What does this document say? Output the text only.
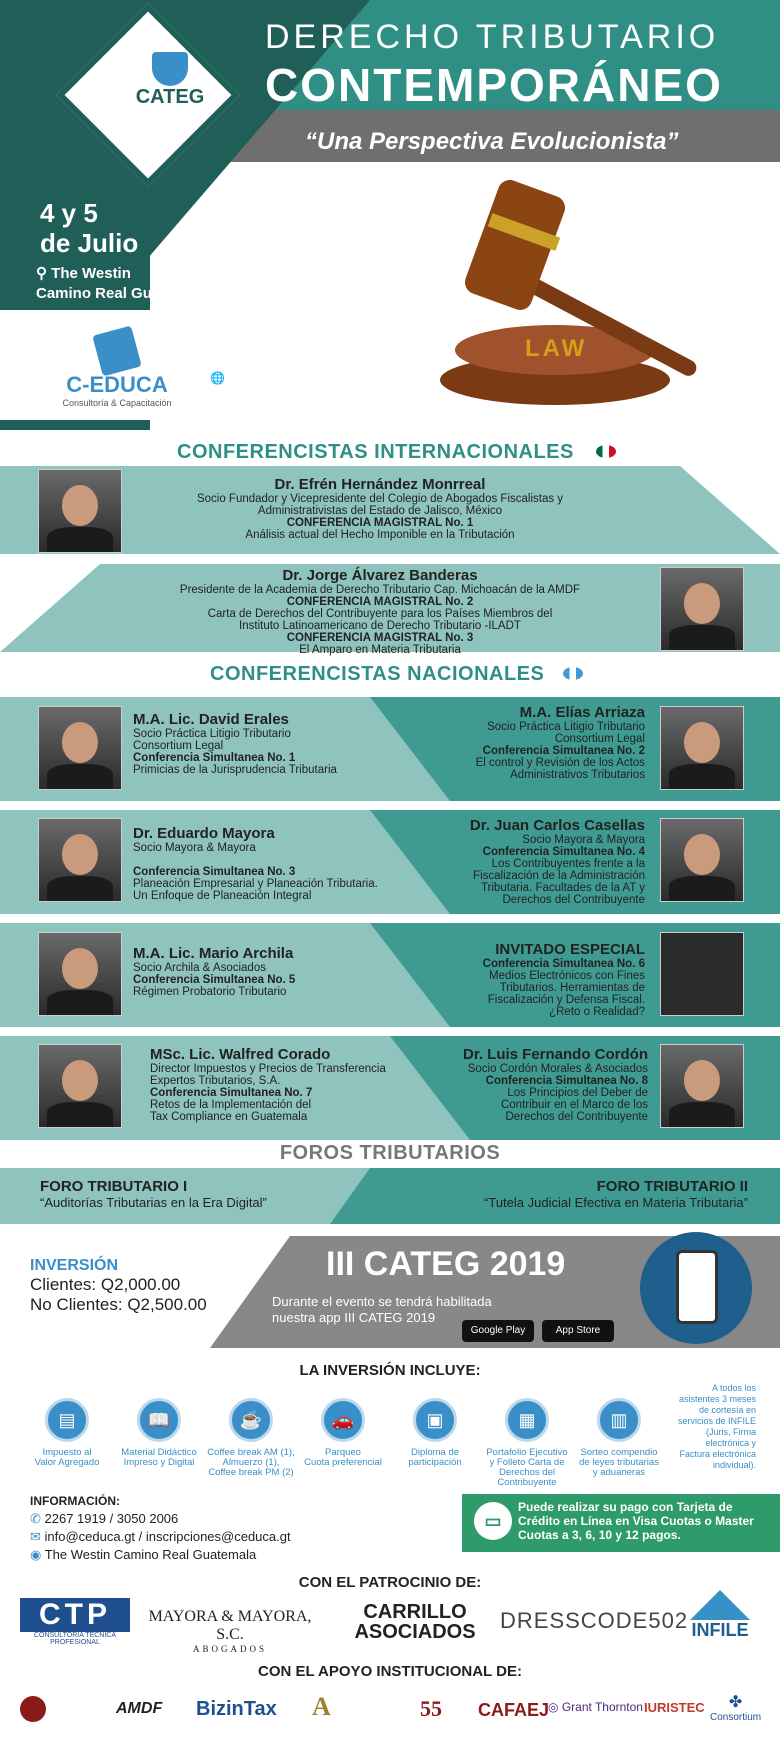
CATEG
DERECHO TRIBUTARIO
CONTEMPORÁNEO
“Una Perspectiva Evolucionista”
4 y 5
de Julio
⚲ The Westin
Camino Real Guatemala
C-EDUCA
Consultoría & Capacitación
🌐 www.ceduca.gt
#CATEG2019
ⓕⓘⓛ
LAW
CONFERENCISTAS INTERNACIONALES
Dr. Efrén Hernández Monrreal
Socio Fundador y Vicepresidente del Colegio de Abogados Fiscalistas y
Administrativistas del Estado de Jalisco, México
CONFERENCIA MAGISTRAL No. 1
Análisis actual del Hecho Imponible en la Tributación
Dr. Jorge Álvarez Banderas
Presidente de la Academia de Derecho Tributario Cap. Michoacán de la AMDF
CONFERENCIA MAGISTRAL No. 2
Carta de Derechos del Contribuyente para los Países Miembros del
Instituto Latinoamericano de Derecho Tributario -ILADT
CONFERENCIA MAGISTRAL No. 3
El Amparo en Materia Tributaria
CONFERENCISTAS NACIONALES
M.A. Lic. David Erales
Socio Práctica Litigio Tributario
Consortium Legal
Conferencia Simultanea No. 1
Primicias de la Jurisprudencia Tributaria
M.A. Elías Arriaza
Socio Práctica Litigio Tributario
Consortium Legal
Conferencia Simultanea No. 2
El control y Revisión de los Actos
Administrativos Tributarios
Dr. Eduardo Mayora
Socio Mayora & Mayora

Conferencia Simultanea No. 3
Planeación Empresarial y Planeación Tributaria.
Un Enfoque de Planeación Integral
Dr. Juan Carlos Casellas
Socio Mayora & Mayora
Conferencia Simultanea No. 4
Los Contribuyentes frente a la
Fiscalización de la Administración
Tributaria. Facultades de la AT y
Derechos del Contribuyente
M.A. Lic. Mario Archila
Socio Archila & Asociados
Conferencia Simultanea No. 5
Régimen Probatorio Tributario
INVITADO ESPECIAL
Conferencia Simultanea No. 6
Medios Electrónicos con Fines
Tributarios. Herramientas de
Fiscalización y Defensa Fiscal.
¿Reto o Realidad?
MSc. Lic. Walfred Corado
Director Impuestos y Precios de Transferencia
Expertos Tributarios, S.A.
Conferencia Simultanea No. 7
Retos de la Implementación del
Tax Compliance en Guatemala
Dr. Luis Fernando Cordón
Socio Cordón Morales & Asociados
Conferencia Simultanea No. 8
Los Principios del Deber de
Contribuir en el Marco de los
Derechos del Contribuyente
FOROS TRIBUTARIOS
FORO TRIBUTARIO I
“Auditorías Tributarias en la Era Digital”
FORO TRIBUTARIO II
“Tutela Judicial Efectiva en Materia Tributaria”
INVERSIÓN
Clientes: Q2,000.00
No Clientes: Q2,500.00
III CATEG 2019
Durante el evento se tendrá habilitada
nuestra app III CATEG 2019
Google Play	App Store
LA INVERSIÓN INCLUYE:
▤
Impuesto al
Valor Agregado
📖
Material Didáctico
Impreso y Digital
☕
Coffee break AM (1),
Almuerzo (1),
Coffee break PM (2)
🚗
Parqueo
Cuota preferencial
▣
Diploma de
participación
▦
Portafolio Ejecutivo
y Folleto Carta de
Derechos del Contribuyente
▥
Sorteo compendio
de leyes tributarias
y aduaneras
A todos los
asistentes 3 meses
de cortesía en
servicios de INFILE
(Juris, Firma
electrónica y
Factura electrónica
individual).
INFORMACIÓN:
✆ 2267 1919 / 3050 2006
✉ info@ceduca.gt / inscripciones@ceduca.gt
◉ The Westin Camino Real Guatemala
▭
Puede realizar su pago con Tarjeta de
Crédito en Línea en Visa Cuotas o Master
Cuotas a 3, 6, 10 y 12 pagos.
CON EL PATROCINIO DE:
CTP
CONSULTORÍA TÉCNICA PROFESIONAL
MAYORA & MAYORA, S.C.
ABOGADOS
CARRILLO
ASOCIADOS	DRESSCODE502 INFILE
CON EL APOYO INSTITUCIONAL DE:
AMDF BizinTax A	55 CAFAEJ
◎ Grant Thornton IURISTEC	✤
Consortium
